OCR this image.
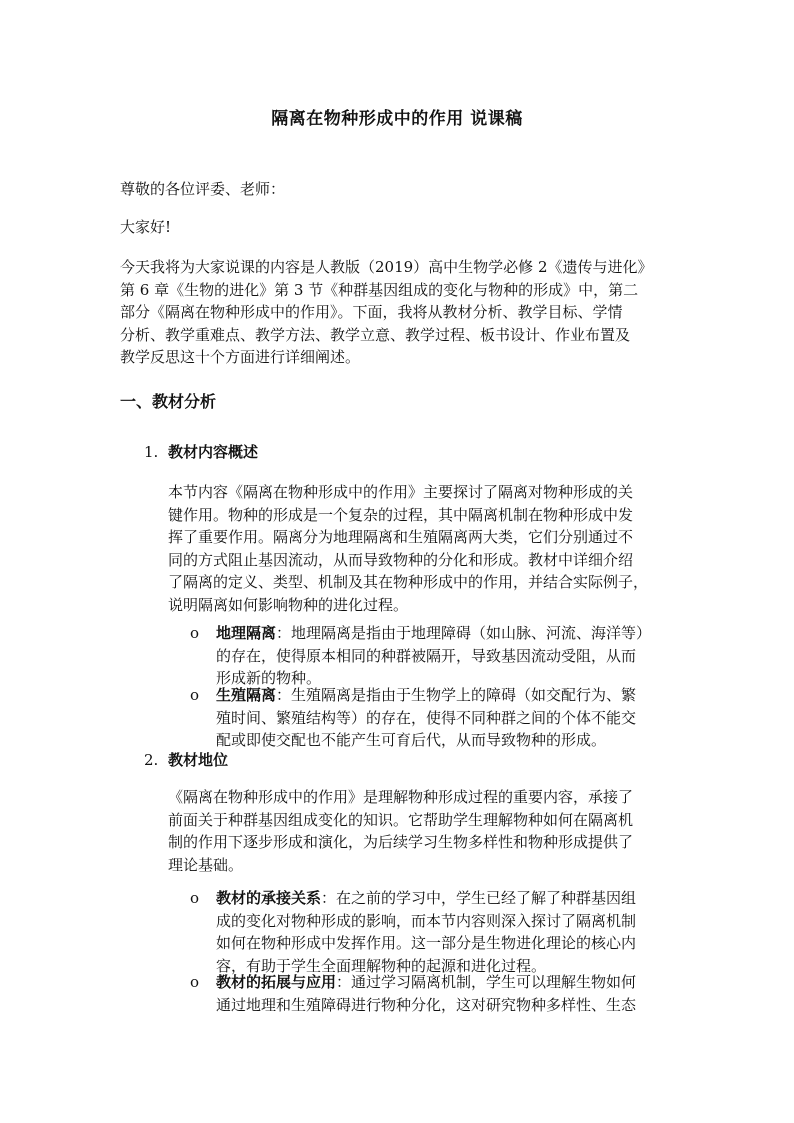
隔离在物种形成中的作用 说课稿

尊敬的各位评委、老师：

大家好!

今天我将为大家说课的内容是人教版（2019）高中生物学必修 2《遗传与进化》
第 6 章《生物的进化》第 3 节《种群基因组成的变化与物种的形成》中，第二
部分《隔离在物种形成中的作用》。下面，我将从教材分析、教学目标、学情
分析、教学重难点、教学方法、教学立意、教学过程、板书设计、作业布置及
教学反思这十个方面进行详细阐述。
一、教材分析
1. 教材内容概述
本节内容《隔离在物种形成中的作用》主要探讨了隔离对物种形成的关
键作用。物种的形成是一个复杂的过程，其中隔离机制在物种形成中发
挥了重要作用。隔离分为地理隔离和生殖隔离两大类，它们分别通过不
同的方式阻止基因流动，从而导致物种的分化和形成。教材中详细介绍
了隔离的定义、类型、机制及其在物种形成中的作用，并结合实际例子，
说明隔离如何影响物种的进化过程。
o 地理隔离：地理隔离是指由于地理障碍（如山脉、河流、海洋等）
的存在，使得原本相同的种群被隔开，导致基因流动受阻，从而
形成新的物种。
o 生殖隔离：生殖隔离是指由于生物学上的障碍（如交配行为、繁
殖时间、繁殖结构等）的存在，使得不同种群之间的个体不能交
配或即使交配也不能产生可育后代，从而导致物种的形成。
2. 教材地位
《隔离在物种形成中的作用》是理解物种形成过程的重要内容，承接了
前面关于种群基因组成变化的知识。它帮助学生理解物种如何在隔离机
制的作用下逐步形成和演化，为后续学习生物多样性和物种形成提供了
理论基础。
o 教材的承接关系：在之前的学习中，学生已经了解了种群基因组
成的变化对物种形成的影响，而本节内容则深入探讨了隔离机制
如何在物种形成中发挥作用。这一部分是生物进化理论的核心内
容，有助于学生全面理解物种的起源和进化过程。
o 教材的拓展与应用：通过学习隔离机制，学生可以理解生物如何
通过地理和生殖障碍进行物种分化，这对研究物种多样性、生态
